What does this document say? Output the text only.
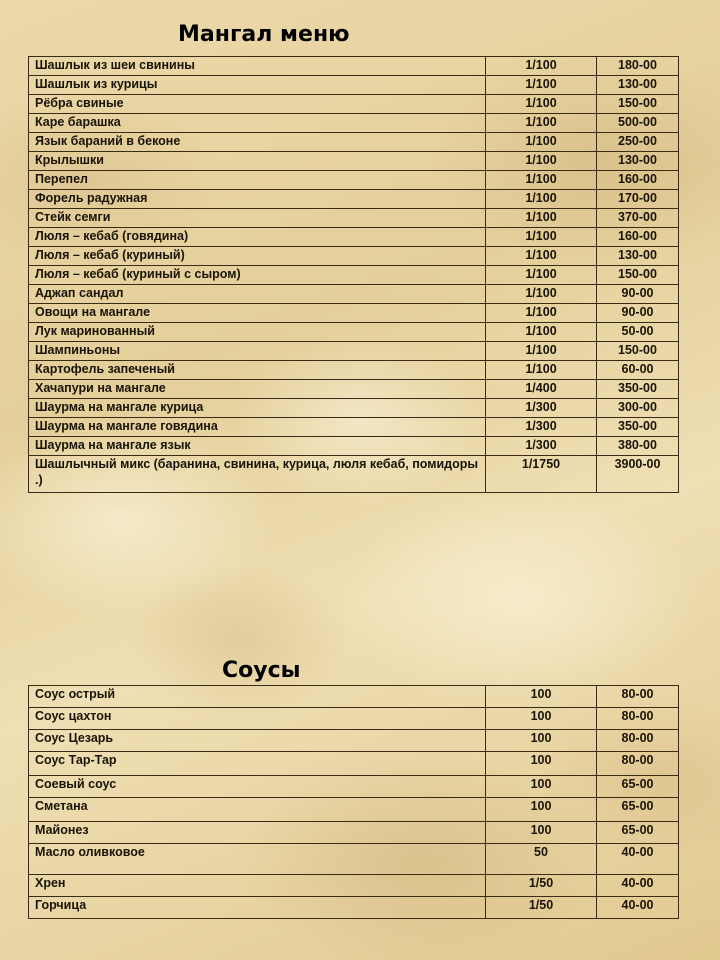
Мангал меню
Шашлык из шеи свинины	1/100	180-00
Шашлык из курицы	1/100	130-00
Рёбра свиные	1/100	150-00
Каре барашка	1/100	500-00
Язык бараний в беконе	1/100	250-00
Крылышки	1/100	130-00
Перепел	1/100	160-00
Форель радужная	1/100	170-00
Стейк семги	1/100	370-00
Люля – кебаб (говядина)	1/100	160-00
Люля – кебаб (куриный)	1/100	130-00
Люля – кебаб (куриный с сыром)	1/100	150-00
Аджап сандал	1/100	90-00
Овощи на мангале	1/100	90-00
Лук маринованный	1/100	50-00
Шампиньоны	1/100	150-00
Картофель запеченый	1/100	60-00
Хачапури на мангале	1/400	350-00
Шаурма на мангале курица	1/300	300-00
Шаурма на мангале говядина	1/300	350-00
Шаурма на мангале язык	1/300	380-00
Шашлычный микс (баранина, свинина, курица, люля кебаб, помидоры .)	1/1750	3900-00
Соусы
Соус острый	100	80-00
Соус цахтон	100	80-00
Соус Цезарь	100	80-00
Соус Тар-Тар	100	80-00
Соевый соус	100	65-00
Сметана	100	65-00
Майонез	100	65-00
Масло оливковое	50	40-00
Хрен	1/50	40-00
Горчица	1/50	40-00
